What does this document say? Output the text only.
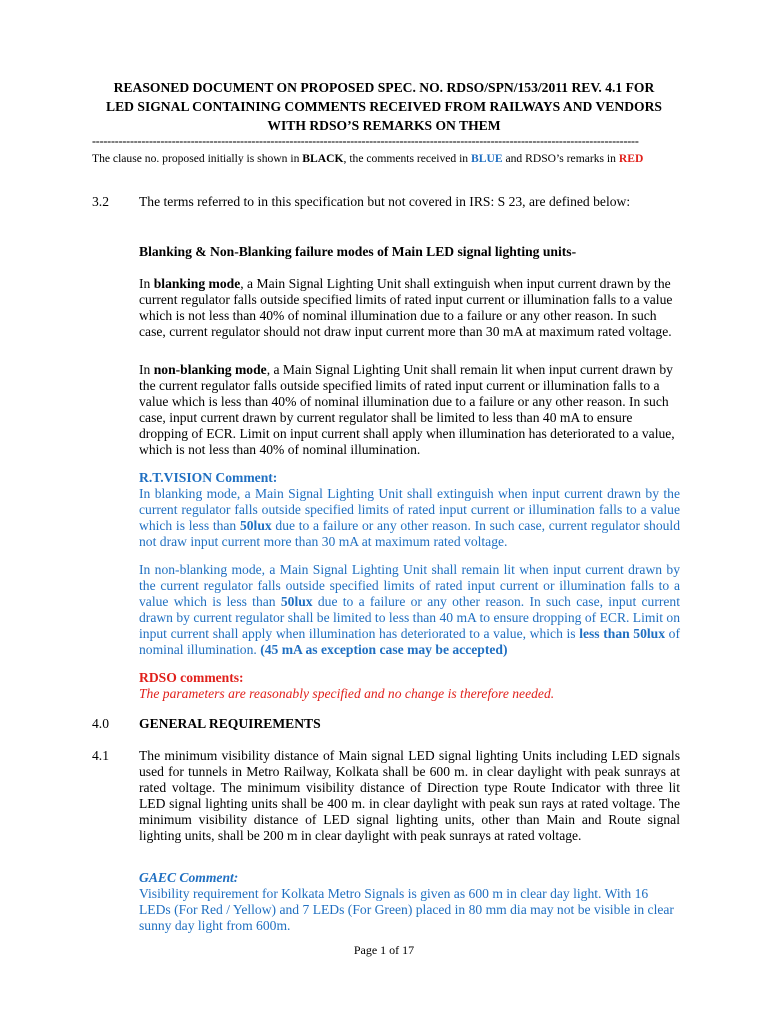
REASONED DOCUMENT ON PROPOSED SPEC. NO. RDSO/SPN/153/2011 REV. 4.1 FOR
LED SIGNAL CONTAINING COMMENTS RECEIVED FROM RAILWAYS AND VENDORS
WITH RDSO’S REMARKS ON THEM
------------------------------------------------------------------------------------------------------------------------------------------------
The clause no. proposed initially is shown in BLACK, the comments received in BLUE and RDSO’s remarks in RED
3.2 The terms referred to in this specification but not covered in IRS: S 23, are defined below:
Blanking & Non-Blanking failure modes of Main LED signal lighting units-
In blanking mode, a Main Signal Lighting Unit shall extinguish when input current drawn by the current regulator falls outside specified limits of rated input current or illumination falls to a value which is not less than 40% of nominal illumination due to a failure or any other reason. In such case, current regulator should not draw input current more than 30 mA at maximum rated voltage.
In non-blanking mode, a Main Signal Lighting Unit shall remain lit when input current drawn by the current regulator falls outside specified limits of rated input current or illumination falls to a value which is less than 40% of nominal illumination due to a failure or any other reason. In such case, input current drawn by current regulator shall be limited to less than 40 mA to ensure dropping of ECR. Limit on input current shall apply when illumination has deteriorated to a value, which is not less than 40% of nominal illumination.
R.T.VISION Comment:
In blanking mode, a Main Signal Lighting Unit shall extinguish when input current drawn by the current regulator falls outside specified limits of rated input current or illumination falls to a value which is less than 50lux due to a failure or any other reason. In such case, current regulator should not draw input current more than 30 mA at maximum rated voltage.
In non-blanking mode, a Main Signal Lighting Unit shall remain lit when input current drawn by the current regulator falls outside specified limits of rated input current or illumination falls to a value which is less than 50lux due to a failure or any other reason. In such case, input current drawn by current regulator shall be limited to less than 40 mA to ensure dropping of ECR. Limit on input current shall apply when illumination has deteriorated to a value, which is less than 50lux of nominal illumination. (45 mA as exception case may be accepted)
RDSO comments:
The parameters are reasonably specified and no change is therefore needed.
4.0 GENERAL REQUIREMENTS
4.1 The minimum visibility distance of Main signal LED signal lighting Units including LED signals used for tunnels in Metro Railway, Kolkata shall be 600 m. in clear daylight with peak sunrays at rated voltage. The minimum visibility distance of Direction type Route Indicator with three lit LED signal lighting units shall be 400 m. in clear daylight with peak sun rays at rated voltage. The minimum visibility distance of LED signal lighting units, other than Main and Route signal lighting units, shall be 200 m in clear daylight with peak sunrays at rated voltage.
GAEC Comment:
Visibility requirement for Kolkata Metro Signals is given as 600 m in clear day light. With 16 LEDs (For Red / Yellow) and 7 LEDs (For Green) placed in 80 mm dia may not be visible in clear sunny day light from 600m.
Page 1 of 17
